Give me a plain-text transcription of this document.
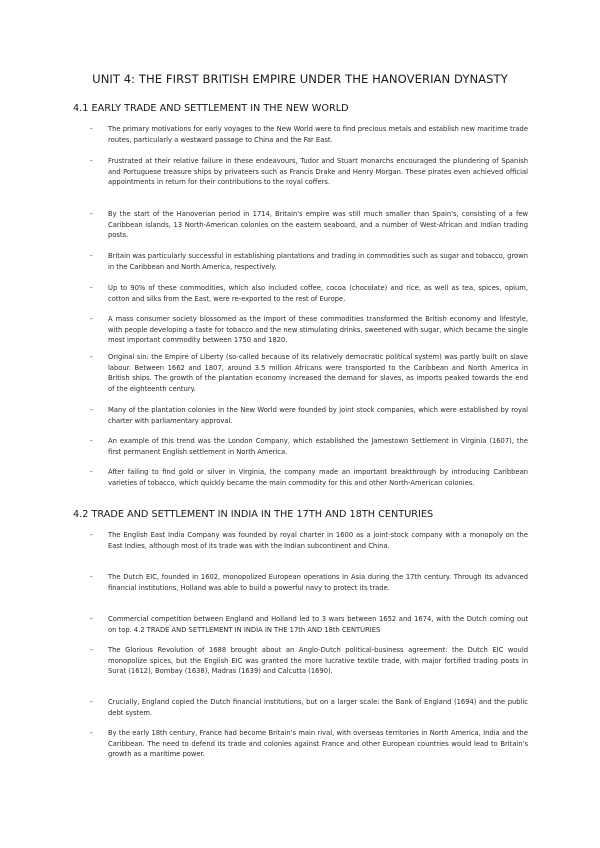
UNIT 4: THE FIRST BRITISH EMPIRE UNDER THE HANOVERIAN DYNASTY
4.1 EARLY TRADE AND SETTLEMENT IN THE NEW WORLD
- The primary motivations for early voyages to the New World were to find precious metals and establish new maritime trade routes, particularly a westward passage to China and the Far East.
- Frustrated at their relative failure in these endeavours, Tudor and Stuart monarchs encouraged the plundering of Spanish and Portuguese treasure ships by privateers such as Francis Drake and Henry Morgan. These pirates even achieved official appointments in return for their contributions to the royal coffers.
- By the start of the Hanoverian period in 1714, Britain's empire was still much smaller than Spain's, consisting of a few Caribbean islands, 13 North-American colonies on the eastern seaboard, and a number of West-African and Indian trading posts.
- Britain was particularly successful in establishing plantations and trading in commodities such as sugar and tobacco, grown in the Caribbean and North America, respectively.
- Up to 90% of these commodities, which also included coffee, cocoa (chocolate) and rice, as well as tea, spices, opium, cotton and silks from the East, were re-exported to the rest of Europe.
- A mass consumer society blossomed as the import of these commodities transformed the British economy and lifestyle, with people developing a taste for tobacco and the new stimulating drinks, sweetened with sugar, which became the single most important commodity between 1750 and 1820.
- Original sin: the Empire of Liberty (so-called because of its relatively democratic political system) was partly built on slave labour. Between 1662 and 1807, around 3.5 million Africans were transported to the Caribbean and North America in British ships. The growth of the plantation economy increased the demand for slaves, as imports peaked towards the end of the eighteenth century.
- Many of the plantation colonies in the New World were founded by joint stock companies, which were established by royal charter with parliamentary approval.
- An example of this trend was the London Company, which established the Jamestown Settlement in Virginia (1607), the first permanent English settlement in North America.
- After failing to find gold or silver in Virginia, the company made an important breakthrough by introducing Caribbean varieties of tobacco, which quickly became the main commodity for this and other North-American colonies.
4.2 TRADE AND SETTLEMENT IN INDIA IN THE 17TH AND 18TH CENTURIES
- The English East India Company was founded by royal charter in 1600 as a joint-stock company with a monopoly on the East Indies, although most of its trade was with the Indian subcontinent and China.
- The Dutch EIC, founded in 1602, monopolized European operations in Asia during the 17th century. Through its advanced financial institutions, Holland was able to build a powerful navy to protect its trade.
- Commercial competition between England and Holland led to 3 wars between 1652 and 1674, with the Dutch coming out on top. 4.2 TRADE AND SETTLEMENT IN INDIA IN THE 17th AND 18th CENTURIES
- The Glorious Revolution of 1688 brought about an Anglo-Dutch political-business agreement: the Dutch EIC would monopolize spices, but the English EIC was granted the more lucrative textile trade, with major fortified trading posts in Surat (1612), Bombay (1638), Madras (1639) and Calcutta (1690).
- Crucially, England copied the Dutch financial institutions, but on a larger scale: the Bank of England (1694) and the public debt system.
- By the early 18th century, France had become Britain's main rival, with overseas territories in North America, India and the Caribbean. The need to defend its trade and colonies against France and other European countries would lead to Britain's growth as a maritime power.
